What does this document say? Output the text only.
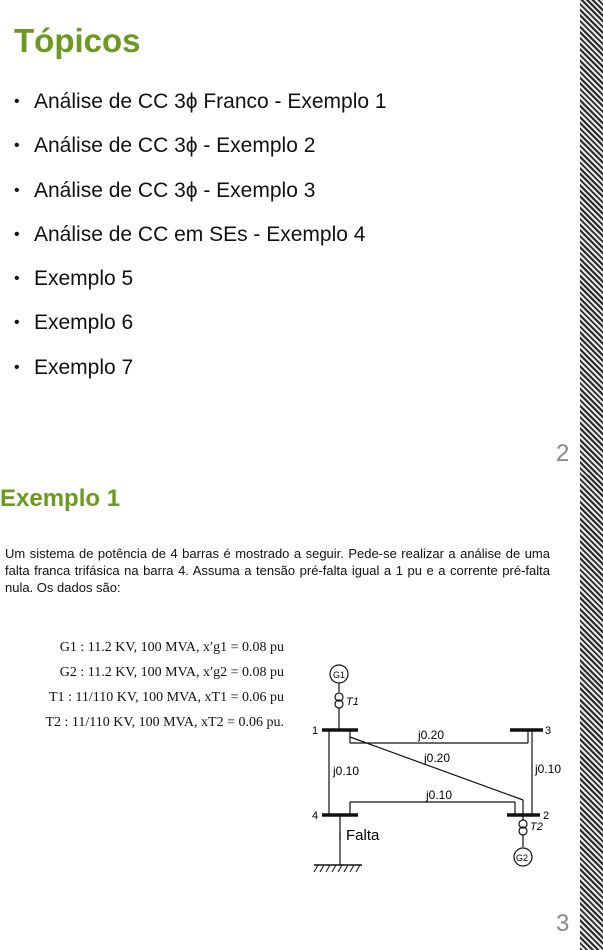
Tópicos
• Análise de CC 3ϕ Franco - Exemplo 1
• Análise de CC 3ϕ - Exemplo 2
• Análise de CC 3ϕ - Exemplo 3
• Análise de CC em SEs - Exemplo 4
• Exemplo 5
• Exemplo 6
• Exemplo 7
2
Exemplo 1
Um sistema de potência de 4 barras é mostrado a seguir. Pede-se realizar a análise de uma falta franca trifásica na barra 4. Assuma a tensão pré-falta igual a 1 pu e a corrente pré-falta nula. Os dados são:
G1 : 11.2 KV, 100 MVA, x′g1 = 0.08 pu
G2 : 11.2 KV, 100 MVA, x′g2 = 0.08 pu
T1 : 11/110 KV, 100 MVA, xT1 = 0.06 pu
T2 : 11/110 KV, 100 MVA, xT2 = 0.06 pu.
G1
G2
T1
T2
1	3
4	2
j0.20
j0.20
j0.10
j0.10
j0.10
Falta
3
